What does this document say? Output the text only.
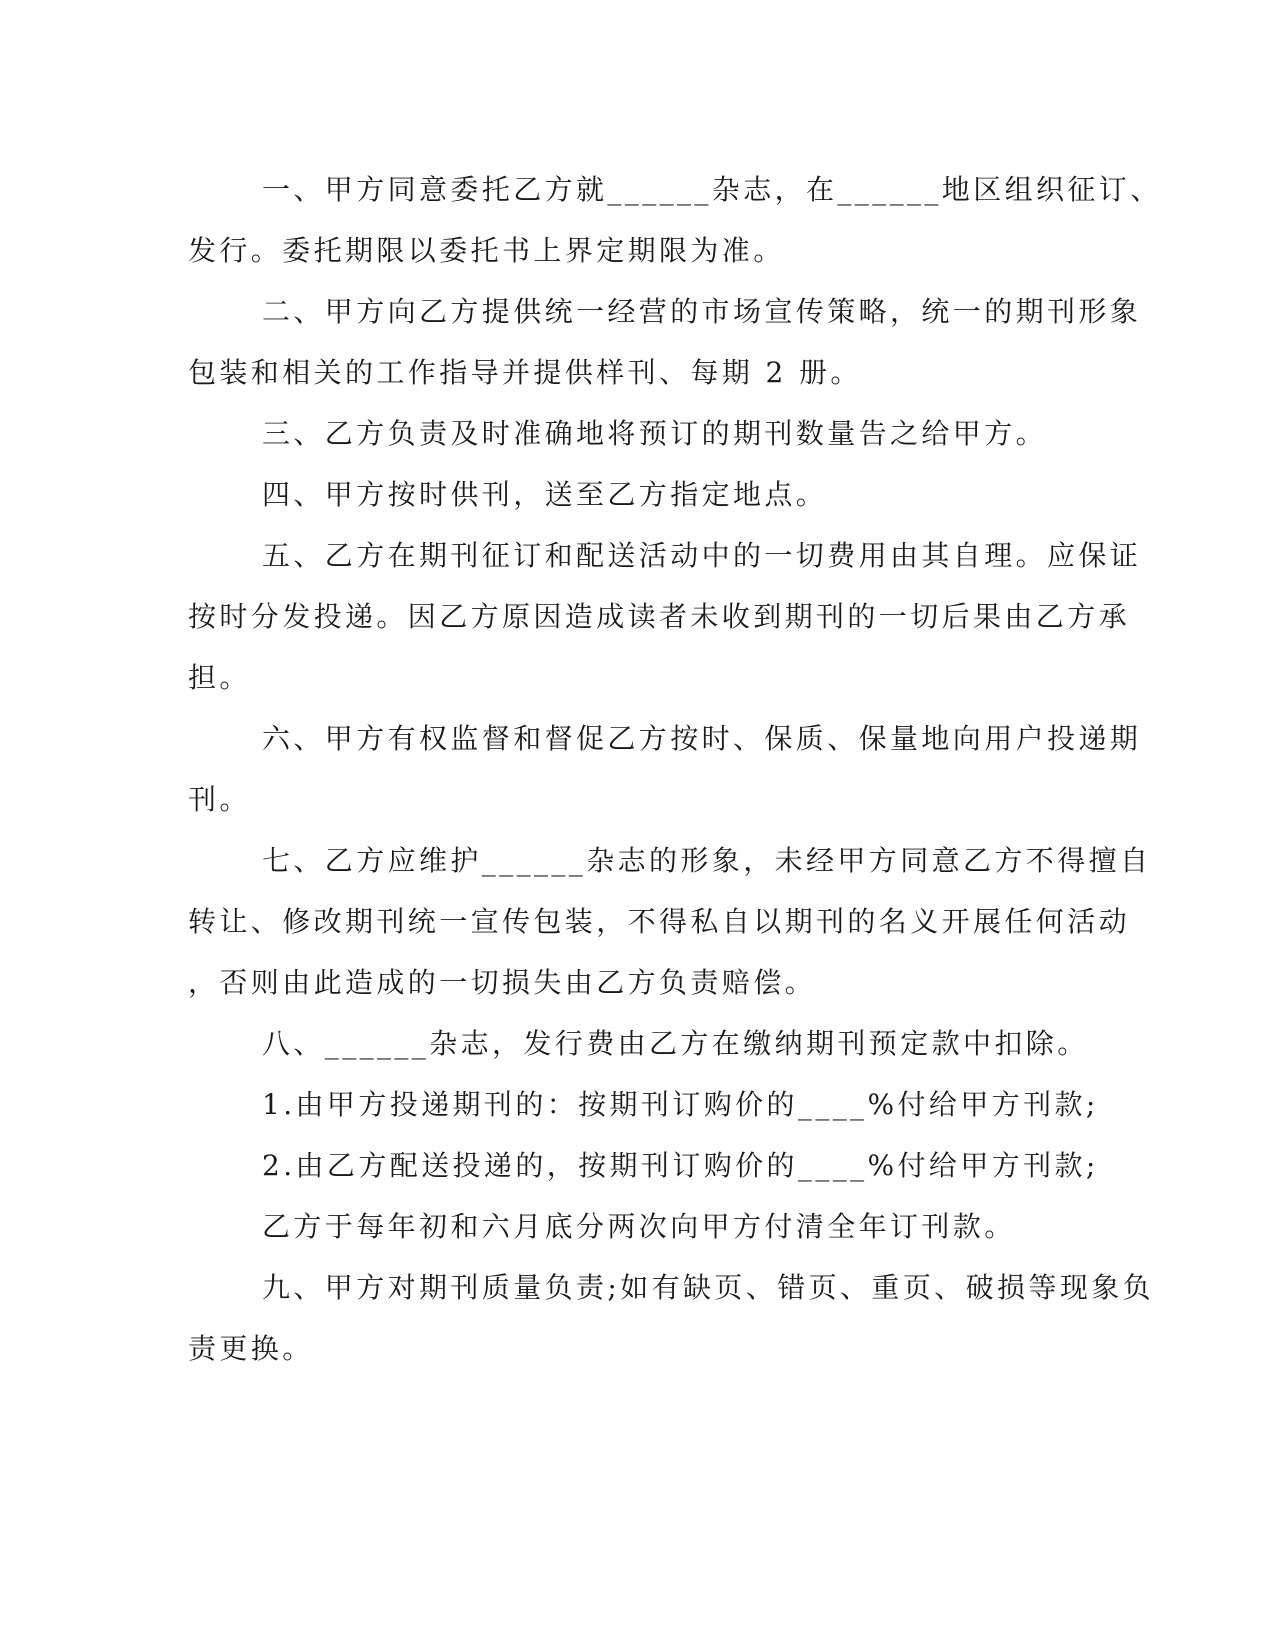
一、甲方同意委托乙方就______杂志，在______地区组织征订、
发行。委托期限以委托书上界定期限为准。
二、甲方向乙方提供统一经营的市场宣传策略，统一的期刊形象
包装和相关的工作指导并提供样刊、每期 2 册。
三、乙方负责及时准确地将预订的期刊数量告之给甲方。
四、甲方按时供刊，送至乙方指定地点。
五、乙方在期刊征订和配送活动中的一切费用由其自理。应保证
按时分发投递。因乙方原因造成读者未收到期刊的一切后果由乙方承
担。
六、甲方有权监督和督促乙方按时、保质、保量地向用户投递期
刊。
七、乙方应维护______杂志的形象，未经甲方同意乙方不得擅自
转让、修改期刊统一宣传包装，不得私自以期刊的名义开展任何活动
，否则由此造成的一切损失由乙方负责赔偿。
八、______杂志，发行费由乙方在缴纳期刊预定款中扣除。
1.由甲方投递期刊的：按期刊订购价的____%付给甲方刊款;
2.由乙方配送投递的，按期刊订购价的____%付给甲方刊款;
乙方于每年初和六月底分两次向甲方付清全年订刊款。
九、甲方对期刊质量负责;如有缺页、错页、重页、破损等现象负
责更换。
